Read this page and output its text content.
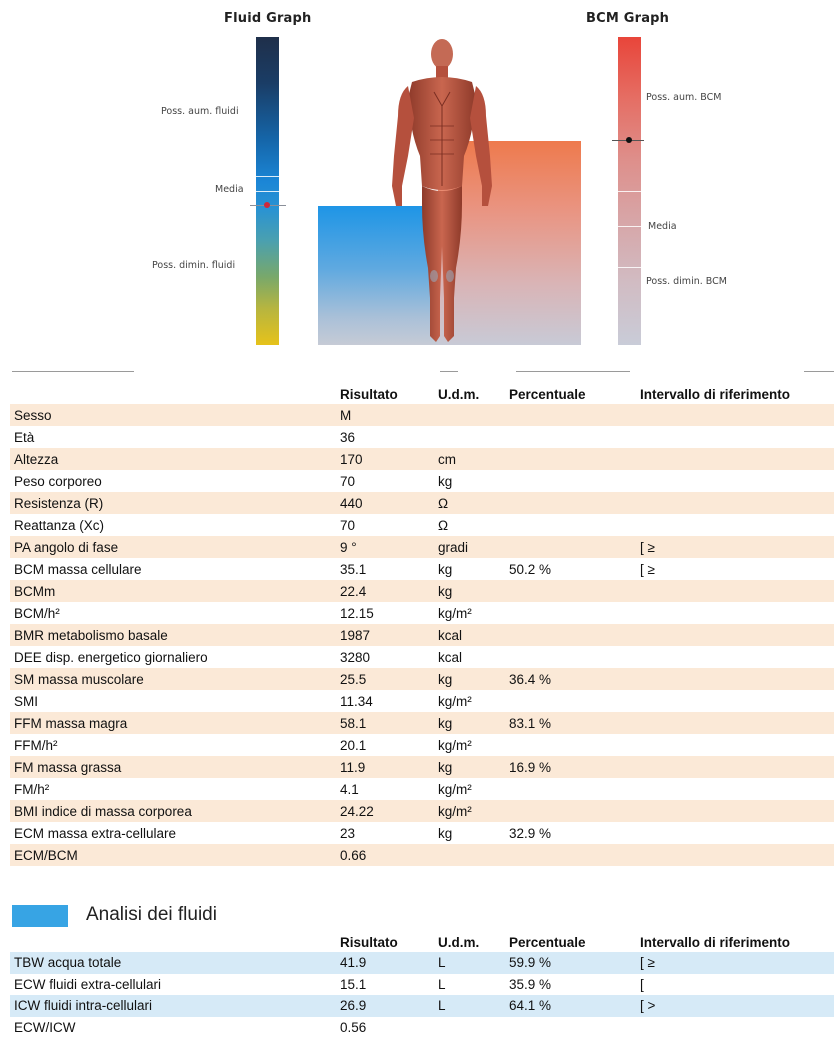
Fluid Graph
Poss. aum. fluidi
Media
Poss. dimin. fluidi
BCM Graph
Poss. aum. BCM
Media
Poss. dimin. BCM
	Risultato	U.d.m.	Percentuale	Intervallo di riferimento
Sesso	M			
Età	36			
Altezza	170	cm		
Peso corporeo	70	kg		
Resistenza (R)	440	Ω		
Reattanza (Xc)	70	Ω		
PA angolo di fase	9 °	gradi		[ ≥
BCM massa cellulare	35.1	kg	50.2 %	[ ≥
BCMm	22.4	kg		
BCM/h²	12.15	kg/m²		
BMR metabolismo basale	1987	kcal		
DEE disp. energetico giornaliero	3280	kcal		
SM massa muscolare	25.5	kg	36.4 %	
SMI	11.34	kg/m²		
FFM massa magra	58.1	kg	83.1 %	
FFM/h²	20.1	kg/m²		
FM massa grassa	11.9	kg	16.9 %	
FM/h²	4.1	kg/m²		
BMI indice di massa corporea	24.22	kg/m²		
ECM massa extra-cellulare	23	kg	32.9 %	
ECM/BCM	0.66			
Analisi dei fluidi
	Risultato	U.d.m.	Percentuale	Intervallo di riferimento
TBW acqua totale	41.9	L	59.9 %	[ ≥
ECW fluidi extra-cellulari	15.1	L	35.9 %	[
ICW fluidi intra-cellulari	26.9	L	64.1 %	[ >
ECW/ICW	0.56			
